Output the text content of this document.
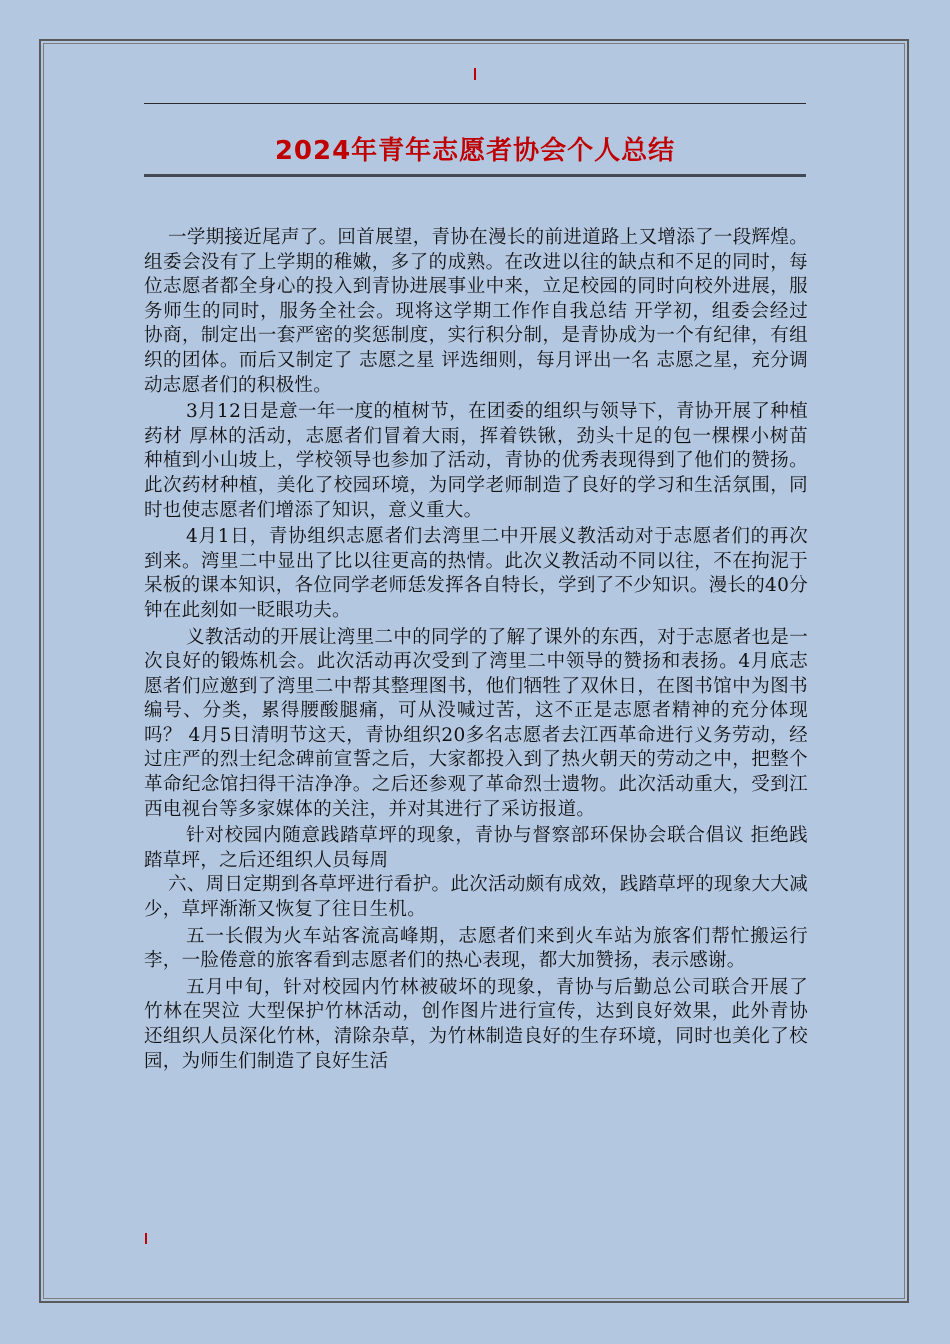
2024年青年志愿者协会个人总结

一学期接近尾声了。回首展望，青协在漫长的前进道路上又增添了一段辉煌。组委会没有了上学期的稚嫩，多了的成熟。在改进以往的缺点和不足的同时，每位志愿者都全身心的投入到青协进展事业中来，立足校园的同时向校外进展，服务师生的同时，服务全社会。现将这学期工作作自我总结 开学初，组委会经过协商，制定出一套严密的奖惩制度，实行积分制，是青协成为一个有纪律，有组织的团体。而后又制定了 志愿之星 评选细则，每月评出一名 志愿之星，充分调动志愿者们的积极性。

3月12日是意一年一度的植树节，在团委的组织与领导下，青协开展了种植药材 厚林的活动，志愿者们冒着大雨，挥着铁锹，劲头十足的包一棵棵小树苗种植到小山坡上，学校领导也参加了活动，青协的优秀表现得到了他们的赞扬。此次药材种植，美化了校园环境，为同学老师制造了良好的学习和生活氛围，同时也使志愿者们增添了知识，意义重大。

4月1日，青协组织志愿者们去湾里二中开展义教活动对于志愿者们的再次到来。湾里二中显出了比以往更高的热情。此次义教活动不同以往，不在拘泥于呆板的课本知识，各位同学老师恁发挥各自特长，学到了不少知识。漫长的40分钟在此刻如一眨眼功夫。

义教活动的开展让湾里二中的同学的了解了课外的东西，对于志愿者也是一次良好的锻炼机会。此次活动再次受到了湾里二中领导的赞扬和表扬。4月底志愿者们应邀到了湾里二中帮其整理图书，他们牺牲了双休日，在图书馆中为图书编号、分类，累得腰酸腿痛，可从没喊过苦，这不正是志愿者精神的充分体现吗？ 4月5日清明节这天，青协组织20多名志愿者去江西革命进行义务劳动，经过庄严的烈士纪念碑前宣誓之后，大家都投入到了热火朝天的劳动之中，把整个革命纪念馆扫得干洁净净。之后还参观了革命烈士遗物。此次活动重大，受到江西电视台等多家媒体的关注，并对其进行了采访报道。

针对校园内随意践踏草坪的现象，青协与督察部环保协会联合倡议 拒绝践踏草坪，之后还组织人员每周

六、周日定期到各草坪进行看护。此次活动颇有成效，践踏草坪的现象大大减少，草坪渐渐又恢复了往日生机。

五一长假为火车站客流高峰期，志愿者们来到火车站为旅客们帮忙搬运行李，一脸倦意的旅客看到志愿者们的热心表现，都大加赞扬，表示感谢。

五月中旬，针对校园内竹林被破坏的现象，青协与后勤总公司联合开展了 竹林在哭泣 大型保护竹林活动，创作图片进行宣传，达到良好效果，此外青协还组织人员深化竹林，清除杂草，为竹林制造良好的生存环境，同时也美化了校园，为师生们制造了良好生活
